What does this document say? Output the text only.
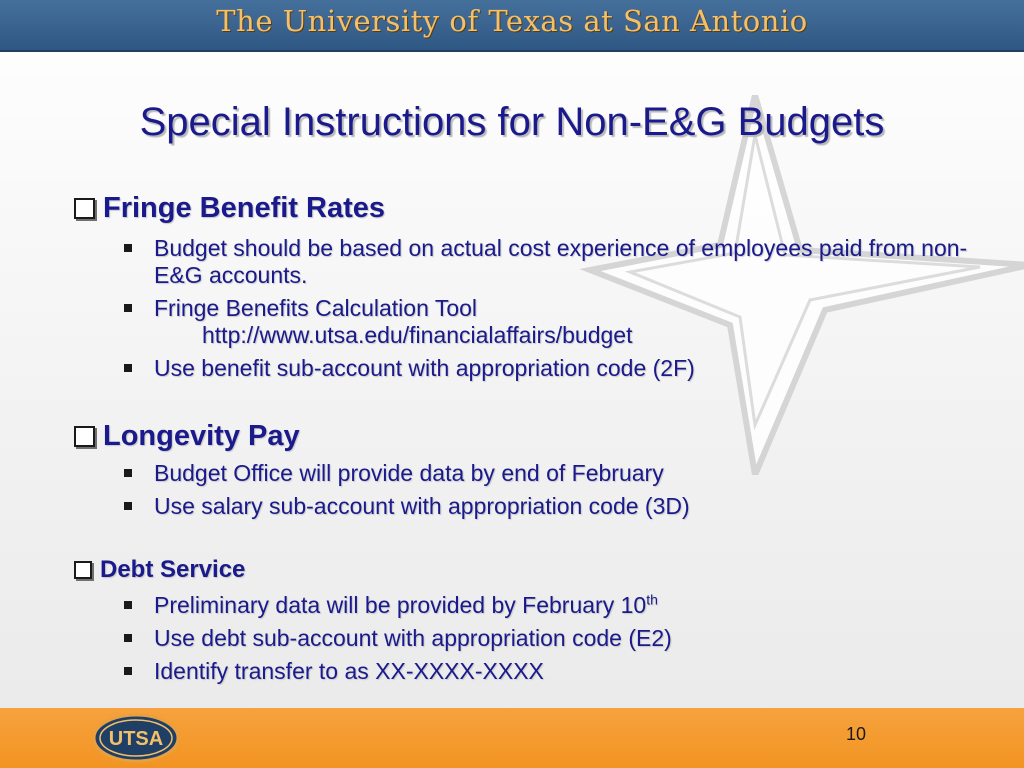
The University of Texas at San Antonio
Special Instructions for Non-E&G Budgets
Fringe Benefit Rates
Budget should be based on actual cost experience of employees paid from non-E&G accounts.
Fringe Benefits Calculation Tool
http://www.utsa.edu/financialaffairs/budget
Use benefit sub-account with appropriation code (2F)
Longevity Pay
Budget Office will provide data by end of February
Use salary sub-account with appropriation code (3D)
Debt Service
Preliminary data will be provided by February 10th
Use debt sub-account with appropriation code (E2)
Identify transfer to as XX-XXXX-XXXX
UTSA	10
